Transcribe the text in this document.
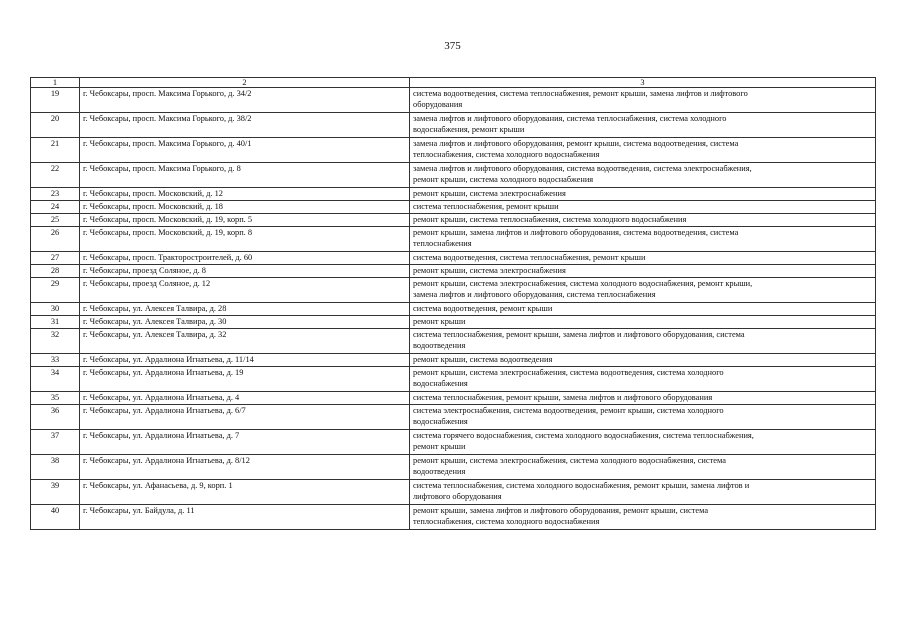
375
1	2	3
19	г. Чебоксары, просп. Максима Горького, д. 34/2	система водоотведения, система теплоснабжения, ремонт крыши, замена лифтов и лифтового
оборудования
20	г. Чебоксары, просп. Максима Горького, д. 38/2	замена лифтов и лифтового оборудования, система теплоснабжения, система холодного
водоснабжения, ремонт крыши
21	г. Чебоксары, просп. Максима Горького, д. 40/1	замена лифтов и лифтового оборудования, ремонт крыши, система водоотведения, система
теплоснабжения, система холодного водоснабжения
22	г. Чебоксары, просп. Максима Горького, д. 8	замена лифтов и лифтового оборудования, система водоотведения, система электроснабжения,
ремонт крыши, система холодного водоснабжения
23	г. Чебоксары, просп. Московский, д. 12	ремонт крыши, система электроснабжения
24	г. Чебоксары, просп. Московский, д. 18	система теплоснабжения, ремонт крыши
25	г. Чебоксары, просп. Московский, д. 19, корп. 5	ремонт крыши, система теплоснабжения, система холодного водоснабжения
26	г. Чебоксары, просп. Московский, д. 19, корп. 8	ремонт крыши, замена лифтов и лифтового оборудования, система водоотведения, система
теплоснабжения
27	г. Чебоксары, просп. Тракторостроителей, д. 60	система водоотведения, система теплоснабжения, ремонт крыши
28	г. Чебоксары, проезд Соляное, д. 8	ремонт крыши, система электроснабжения
29	г. Чебоксары, проезд Соляное, д. 12	ремонт крыши, система электроснабжения, система холодного водоснабжения, ремонт крыши,
замена лифтов и лифтового оборудования, система теплоснабжения
30	г. Чебоксары, ул. Алексея Талвира, д. 28	система водоотведения, ремонт крыши
31	г. Чебоксары, ул. Алексея Талвира, д. 30	ремонт крыши
32	г. Чебоксары, ул. Алексея Талвира, д. 32	система теплоснабжения, ремонт крыши, замена лифтов и лифтового оборудования, система
водоотведения
33	г. Чебоксары, ул. Ардалиона Игнатьева, д. 11/14	ремонт крыши, система водоотведения
34	г. Чебоксары, ул. Ардалиона Игнатьева, д. 19	ремонт крыши, система электроснабжения, система водоотведения, система холодного
водоснабжения
35	г. Чебоксары, ул. Ардалиона Игнатьева, д. 4	система теплоснабжения, ремонт крыши, замена лифтов и лифтового оборудования
36	г. Чебоксары, ул. Ардалиона Игнатьева, д. 6/7	система электроснабжения, система водоотведения, ремонт крыши, система холодного
водоснабжения
37	г. Чебоксары, ул. Ардалиона Игнатьева, д. 7	система горячего водоснабжения, система холодного водоснабжения, система теплоснабжения,
ремонт крыши
38	г. Чебоксары, ул. Ардалиона Игнатьева, д. 8/12	ремонт крыши, система электроснабжения, система холодного водоснабжения, система
водоотведения
39	г. Чебоксары, ул. Афанасьева, д. 9, корп. 1	система теплоснабжения, система холодного водоснабжения, ремонт крыши, замена лифтов и
лифтового оборудования
40	г. Чебоксары, ул. Байдула, д. 11	ремонт крыши, замена лифтов и лифтового оборудования, ремонт крыши, система
теплоснабжения, система холодного водоснабжения
